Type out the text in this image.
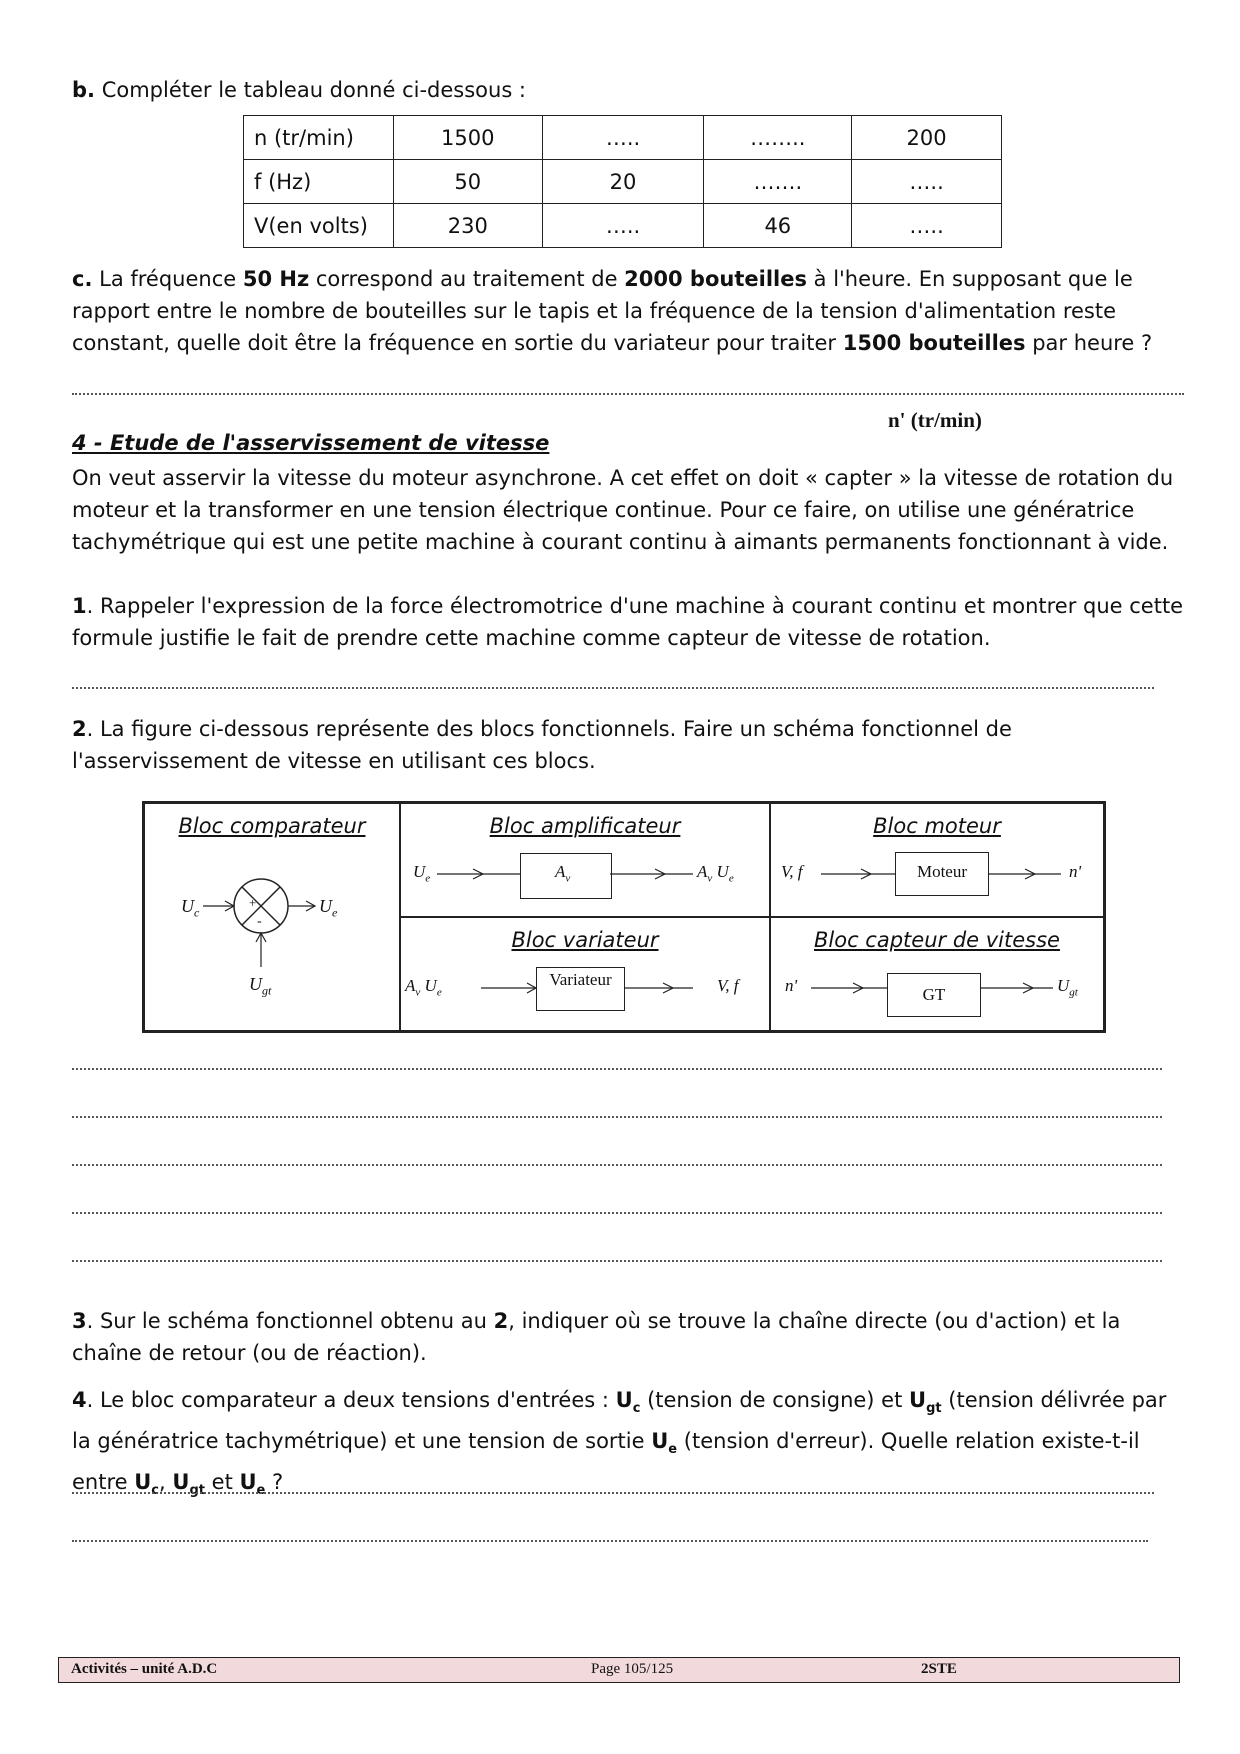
b. Compléter le tableau donné ci-dessous :

n (tr/min)	1500	…..	……..	200
f (Hz)	50	20	…….	…..
V(en volts)	230	…..	46	…..

c. La fréquence 50 Hz correspond au traitement de 2000 bouteilles à l'heure. En supposant que le rapport entre le nombre de bouteilles sur le tapis et la fréquence de la tension d'alimentation reste constant, quelle doit être la fréquence en sortie du variateur pour traiter 1500 bouteilles par heure ?

n' (tr/min)
4 - Etude de l'asservissement de vitesse

On veut asservir la vitesse du moteur asynchrone. A cet effet on doit « capter » la vitesse de rotation du moteur et la transformer en une tension électrique continue. Pour ce faire, on utilise une génératrice tachymétrique qui est une petite machine à courant continu à aimants permanents fonctionnant à vide.

1. Rappeler l'expression de la force électromotrice d'une machine à courant continu et montrer que cette formule justifie le fait de prendre cette machine comme capteur de vitesse de rotation.

2. La figure ci-dessous représente des blocs fonctionnels. Faire un schéma fonctionnel de l'asservissement de vitesse en utilisant ces blocs.

Bloc comparateur
+
-
$U_c$	$U_e$
$U_{gt}$
Bloc amplificateur
$A_v$
$U_e$	$A_v$ $U_e$
Bloc moteur
Moteur
V, f	n'
Bloc variateur
Variateur
$A_v$ $U_e$	V, f
Bloc capteur de vitesse
GT
n'	$U_{gt}$

3. Sur le schéma fonctionnel obtenu au 2, indiquer où se trouve la chaîne directe (ou d'action) et la chaîne de retour (ou de réaction).

4. Le bloc comparateur a deux tensions d'entrées : $U_c$ (tension de consigne) et $U_{gt}$ (tension délivrée par la génératrice tachymétrique) et une tension de sortie $U_e$ (tension d'erreur). Quelle relation existe-t-il entre $U_c$, $U_{gt}$ et $U_e$ ?

Activités – unité A.D.C	Page 105/125	2STE
